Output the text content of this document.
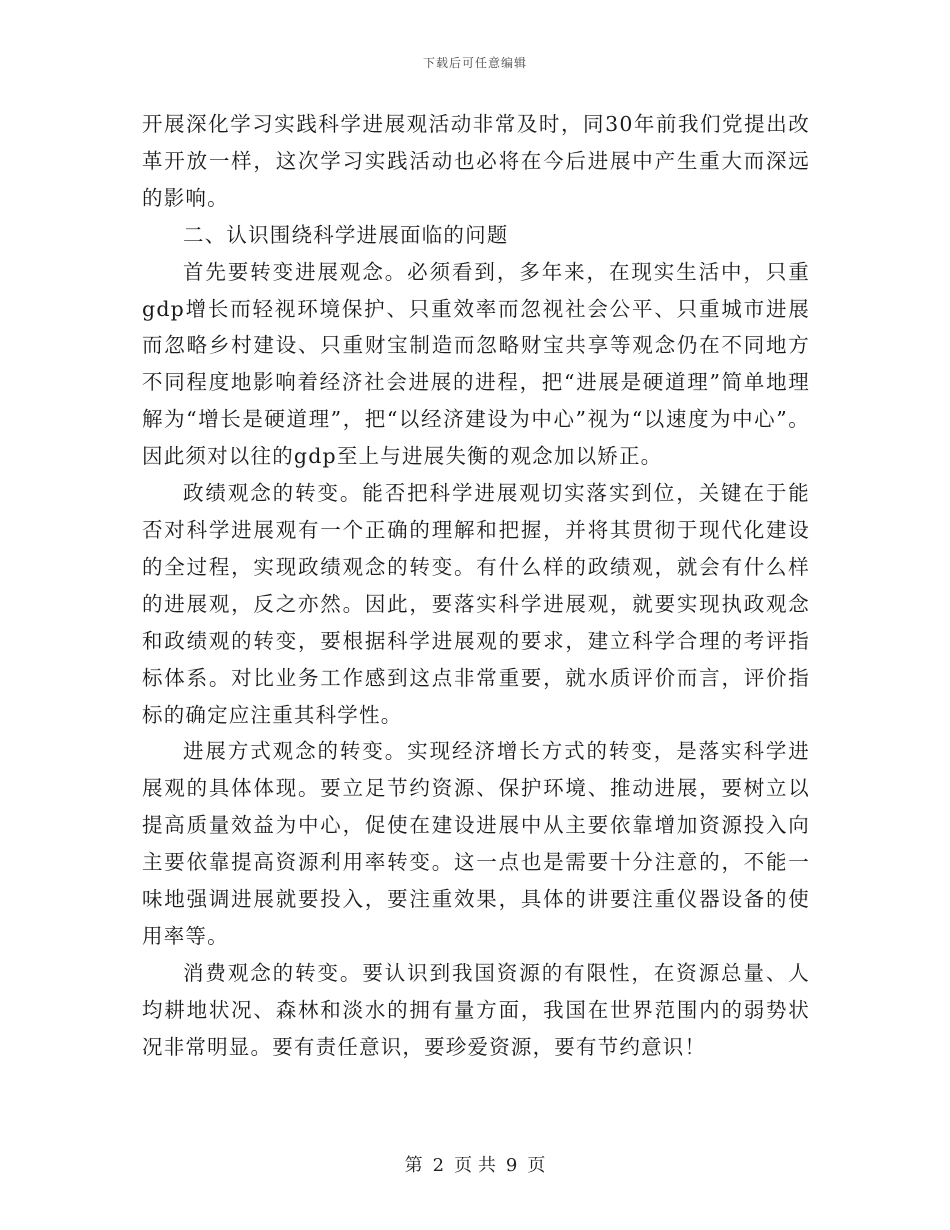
下载后可任意编辑

开展深化学习实践科学进展观活动非常及时，同30年前我们党提出改革开放一样，这次学习实践活动也必将在今后进展中产生重大而深远的影响。

二、认识围绕科学进展面临的问题

首先要转变进展观念。必须看到，多年来，在现实生活中，只重gdp增长而轻视环境保护、只重效率而忽视社会公平、只重城市进展而忽略乡村建设、只重财宝制造而忽略财宝共享等观念仍在不同地方不同程度地影响着经济社会进展的进程，把“进展是硬道理”简单地理解为“增长是硬道理”，把“以经济建设为中心”视为“以速度为中心”。因此须对以往的gdp至上与进展失衡的观念加以矫正。

政绩观念的转变。能否把科学进展观切实落实到位，关键在于能否对科学进展观有一个正确的理解和把握，并将其贯彻于现代化建设的全过程，实现政绩观念的转变。有什么样的政绩观，就会有什么样的进展观，反之亦然。因此，要落实科学进展观，就要实现执政观念和政绩观的转变，要根据科学进展观的要求，建立科学合理的考评指标体系。对比业务工作感到这点非常重要，就水质评价而言，评价指标的确定应注重其科学性。

进展方式观念的转变。实现经济增长方式的转变，是落实科学进展观的具体体现。要立足节约资源、保护环境、推动进展，要树立以提高质量效益为中心，促使在建设进展中从主要依靠增加资源投入向主要依靠提高资源利用率转变。这一点也是需要十分注意的，不能一味地强调进展就要投入，要注重效果，具体的讲要注重仪器设备的使用率等。

消费观念的转变。要认识到我国资源的有限性，在资源总量、人均耕地状况、森林和淡水的拥有量方面，我国在世界范围内的弱势状况非常明显。要有责任意识，要珍爱资源，要有节约意识！

第 2 页 共 9 页
